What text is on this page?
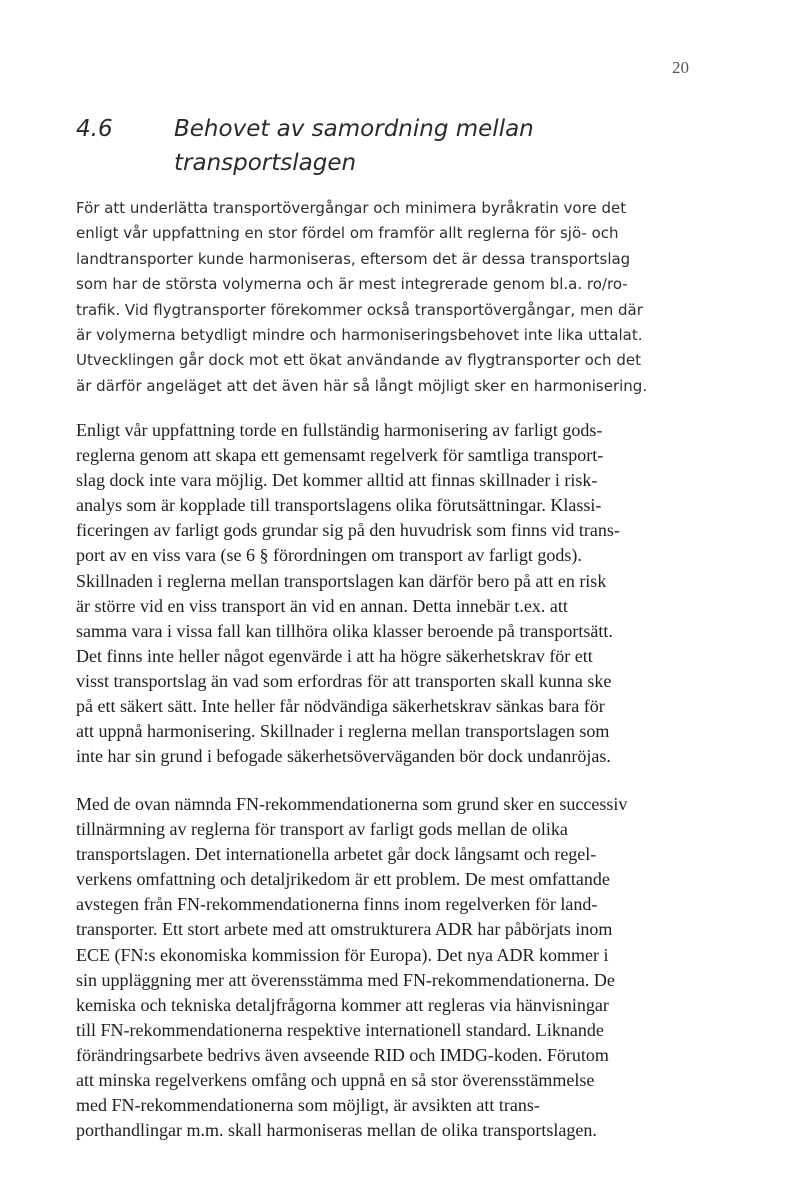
20
4.6	Behovet av samordning mellan
transportslagen

För att underlätta transportövergångar och minimera byråkratin vore det
enligt vår uppfattning en stor fördel om framför allt reglerna för sjö- och
landtransporter kunde harmoniseras, eftersom det är dessa transportslag
som har de största volymerna och är mest integrerade genom bl.a. ro/ro-
trafik. Vid flygtransporter förekommer också transportövergångar, men där
är volymerna betydligt mindre och harmoniseringsbehovet inte lika uttalat.
Utvecklingen går dock mot ett ökat användande av flygtransporter och det
är därför angeläget att det även här så långt möjligt sker en harmonisering.

Enligt vår uppfattning torde en fullständig harmonisering av farligt gods-
reglerna genom att skapa ett gemensamt regelverk för samtliga transport-
slag dock inte vara möjlig. Det kommer alltid att finnas skillnader i risk-
analys som är kopplade till transportslagens olika förutsättningar. Klassi-
ficeringen av farligt gods grundar sig på den huvudrisk som finns vid trans-
port av en viss vara (se 6 § förordningen om transport av farligt gods).
Skillnaden i reglerna mellan transportslagen kan därför bero på att en risk
är större vid en viss transport än vid en annan. Detta innebär t.ex. att
samma vara i vissa fall kan tillhöra olika klasser beroende på transportsätt.
Det finns inte heller något egenvärde i att ha högre säkerhetskrav för ett
visst transportslag än vad som erfordras för att transporten skall kunna ske
på ett säkert sätt. Inte heller får nödvändiga säkerhetskrav sänkas bara för
att uppnå harmonisering. Skillnader i reglerna mellan transportslagen som
inte har sin grund i befogade säkerhetsöverväganden bör dock undanröjas.

Med de ovan nämnda FN-rekommendationerna som grund sker en successiv
tillnärmning av reglerna för transport av farligt gods mellan de olika
transportslagen. Det internationella arbetet går dock långsamt och regel-
verkens omfattning och detaljrikedom är ett problem. De mest omfattande
avstegen från FN-rekommendationerna finns inom regelverken för land-
transporter. Ett stort arbete med att omstrukturera ADR har påbörjats inom
ECE (FN:s ekonomiska kommission för Europa). Det nya ADR kommer i
sin uppläggning mer att överensstämma med FN-rekommendationerna. De
kemiska och tekniska detaljfrågorna kommer att regleras via hänvisningar
till FN-rekommendationerna respektive internationell standard. Liknande
förändringsarbete bedrivs även avseende RID och IMDG-koden. Förutom
att minska regelverkens omfång och uppnå en så stor överensstämmelse
med FN-rekommendationerna som möjligt, är avsikten att trans-
porthandlingar m.m. skall harmoniseras mellan de olika transportslagen.
